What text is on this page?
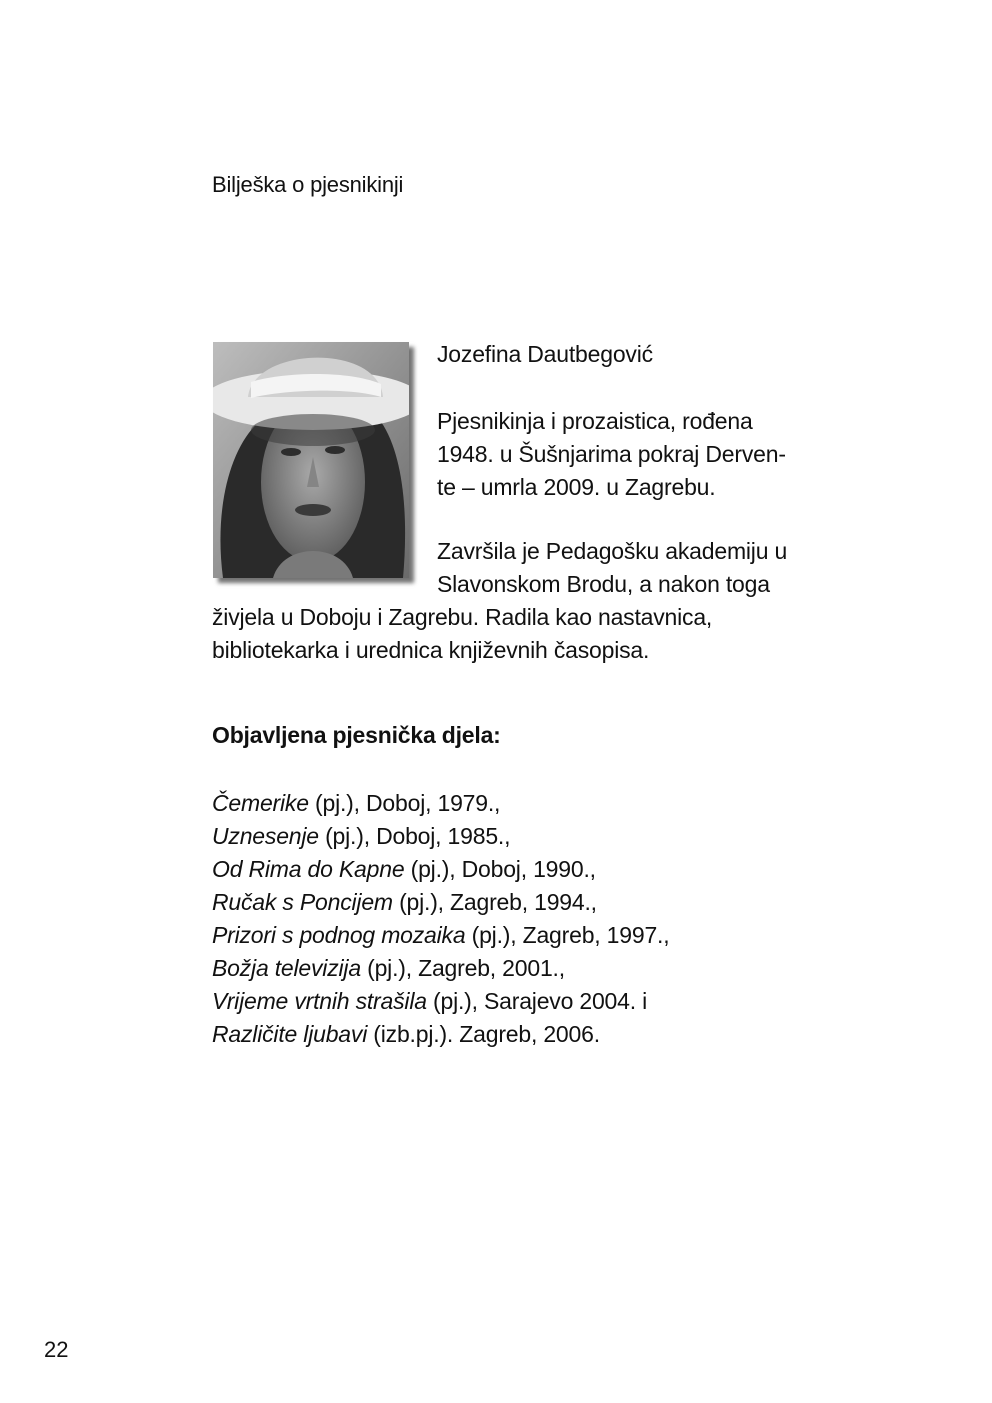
Bilješka o pjesnikinji
Jozefina Dautbegović
Pjesnikinja i prozaistica, rođena
1948. u Šušnjarima pokraj Derven-
te – umrla 2009. u Zagrebu.
Završila je Pedagošku akademiju u
Slavonskom Brodu, a nakon toga
živjela u Doboju i Zagrebu. Radila kao nastavnica,
bibliotekarka i urednica književnih časopisa.
Objavljena pjesnička djela:
Čemerike (pj.), Doboj, 1979.,
Uznesenje (pj.), Doboj, 1985.,
Od Rima do Kapne (pj.), Doboj, 1990.,
Ručak s Poncijem (pj.), Zagreb, 1994.,
Prizori s podnog mozaika (pj.), Zagreb, 1997.,
Božja televizija (pj.), Zagreb, 2001.,
Vrijeme vrtnih strašila (pj.), Sarajevo 2004. i
Različite ljubavi (izb.pj.). Zagreb, 2006.
22
